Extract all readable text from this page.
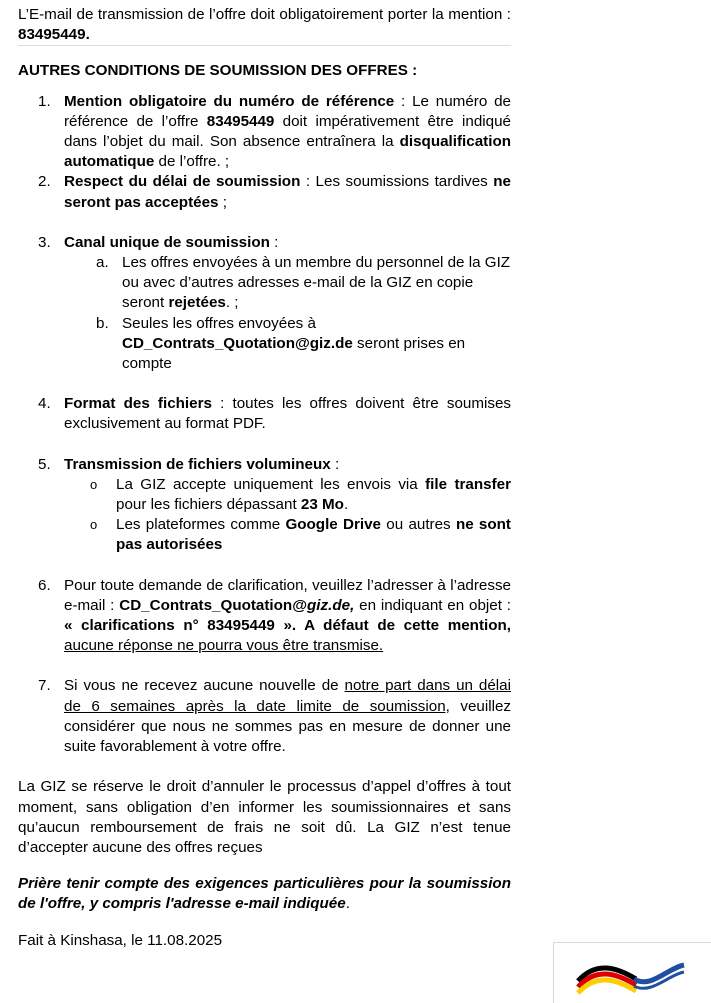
L’E-mail de transmission de l’offre doit obligatoirement porter la mention : 83495449.

AUTRES CONDITIONS DE SOUMISSION DES OFFRES :

1. Mention obligatoire du numéro de référence : Le numéro de référence de l’offre 83495449 doit impérativement être indiqué dans l’objet du mail. Son absence entraînera la disqualification automatique de l’offre. ;
2. Respect du délai de soumission : Les soumissions tardives ne seront pas acceptées ;
3. Canal unique de soumission :
a. Les offres envoyées à un membre du personnel de la GIZ ou avec d’autres adresses e-mail de la GIZ en copie seront rejetées. ;
b. Seules les offres envoyées à CD_Contrats_Quotation@giz.de seront prises en compte
4. Format des fichiers : toutes les offres doivent être soumises exclusivement au format PDF.
5. Transmission de fichiers volumineux :
o La GIZ accepte uniquement les envois via file transfer pour les fichiers dépassant 23 Mo.
o Les plateformes comme Google Drive ou autres ne sont pas autorisées
6. Pour toute demande de clarification, veuillez l’adresser à l’adresse e-mail : CD_Contrats_Quotation@giz.de, en indiquant en objet : « clarifications n° 83495449 ». A défaut de cette mention, aucune réponse ne pourra vous être transmise.
7. Si vous ne recevez aucune nouvelle de notre part dans un délai de 6 semaines après la date limite de soumission, veuillez considérer que nous ne sommes pas en mesure de donner une suite favorablement à votre offre.

La GIZ se réserve le droit d’annuler le processus d’appel d’offres à tout moment, sans obligation d’en informer les soumissionnaires et sans qu’aucun remboursement de frais ne soit dû. La GIZ n’est tenue d’accepter aucune des offres reçues

Prière tenir compte des exigences particulières pour la soumission de l'offre, y compris l'adresse e-mail indiquée.

Fait à Kinshasa, le 11.08.2025
